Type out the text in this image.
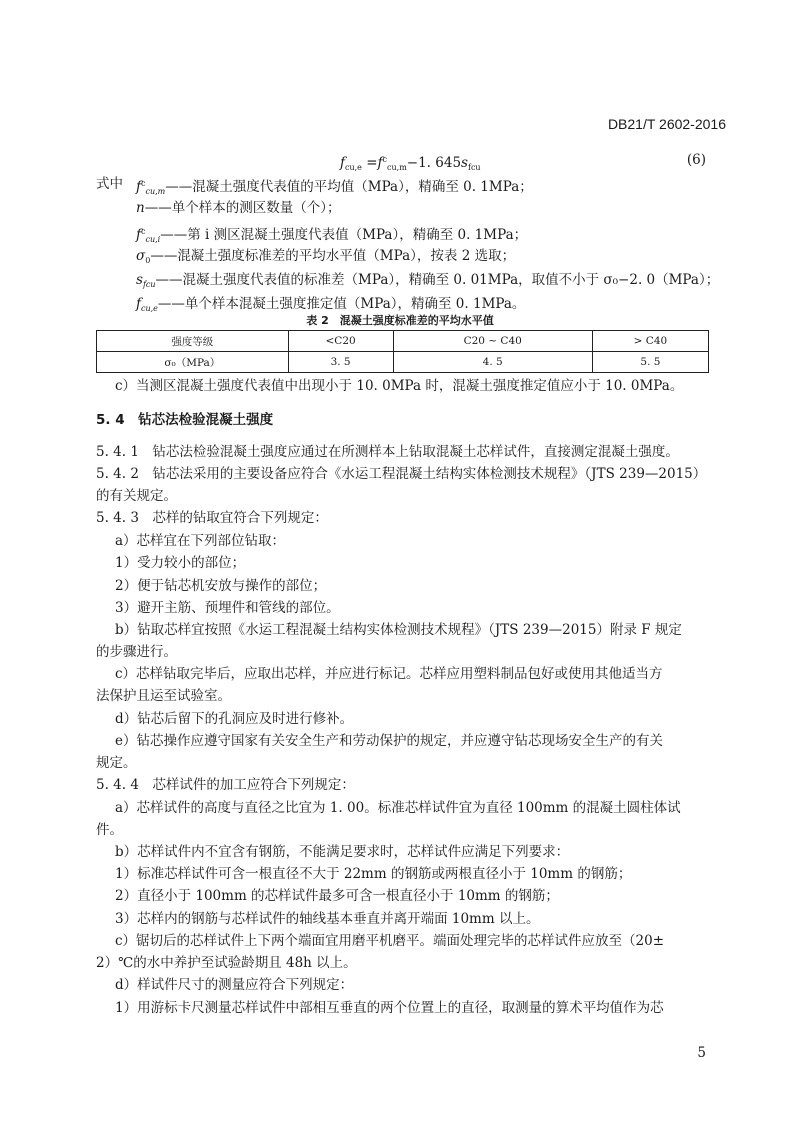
DB21/T 2602-2016
$f_{cu,e} =f^c_{cu,m}-1$. $645s_{fcu}$	(6)
式中 $f^c_{cu,m}——$混凝土强度代表值的平均值（MPa），精确至 0. 1MPa；
n——单个样本的测区数量（个）；
$f^c_{cu,i}——$第 i 测区混凝土强度代表值（MPa），精确至 0. 1MPa；
$\sigma_0——$混凝土强度标准差的平均水平值（MPa），按表 2 选取；
$s_{fcu}——$混凝土强度代表值的标准差（MPa），精确至 0. 01MPa，取值不小于 σ₀−2. 0（MPa）；
$f_{cu,e}——$单个样本混凝土强度推定值（MPa），精确至 0. 1MPa。
表 2　混凝土强度标准差的平均水平值
强度等级	<C20	C20 ~ C40	> C40
σ₀（MPa）	3. 5	4. 5	5. 5
c）当测区混凝土强度代表值中出现小于 10. 0MPa 时，混凝土强度推定值应小于 10. 0MPa。
5. 4　钻芯法检验混凝土强度
5. 4. 1　钻芯法检验混凝土强度应通过在所测样本上钻取混凝土芯样试件，直接测定混凝土强度。
5. 4. 2　钻芯法采用的主要设备应符合《水运工程混凝土结构实体检测技术规程》（JTS 239—2015）
的有关规定。
5. 4. 3　芯样的钻取宜符合下列规定：
a）芯样宜在下列部位钻取：
1）受力较小的部位；
2）便于钻芯机安放与操作的部位；
3）避开主筋、预埋件和管线的部位。
b）钻取芯样宜按照《水运工程混凝土结构实体检测技术规程》（JTS 239—2015）附录 F 规定
的步骤进行。
c）芯样钻取完毕后，应取出芯样，并应进行标记。芯样应用塑料制品包好或使用其他适当方
法保护且运至试验室。
d）钻芯后留下的孔洞应及时进行修补。
e）钻芯操作应遵守国家有关安全生产和劳动保护的规定，并应遵守钻芯现场安全生产的有关
规定。
5. 4. 4　芯样试件的加工应符合下列规定：
a）芯样试件的高度与直径之比宜为 1. 00。标准芯样试件宜为直径 100mm 的混凝土圆柱体试
件。
b）芯样试件内不宜含有钢筋，不能满足要求时，芯样试件应满足下列要求：
1）标准芯样试件可含一根直径不大于 22mm 的钢筋或两根直径小于 10mm 的钢筋；
2）直径小于 100mm 的芯样试件最多可含一根直径小于 10mm 的钢筋；
3）芯样内的钢筋与芯样试件的轴线基本垂直并离开端面 10mm 以上。
c）锯切后的芯样试件上下两个端面宜用磨平机磨平。端面处理完毕的芯样试件应放至（20±
2）℃的水中养护至试验龄期且 48h 以上。
d）样试件尺寸的测量应符合下列规定：
1）用游标卡尺测量芯样试件中部相互垂直的两个位置上的直径，取测量的算术平均值作为芯
5
